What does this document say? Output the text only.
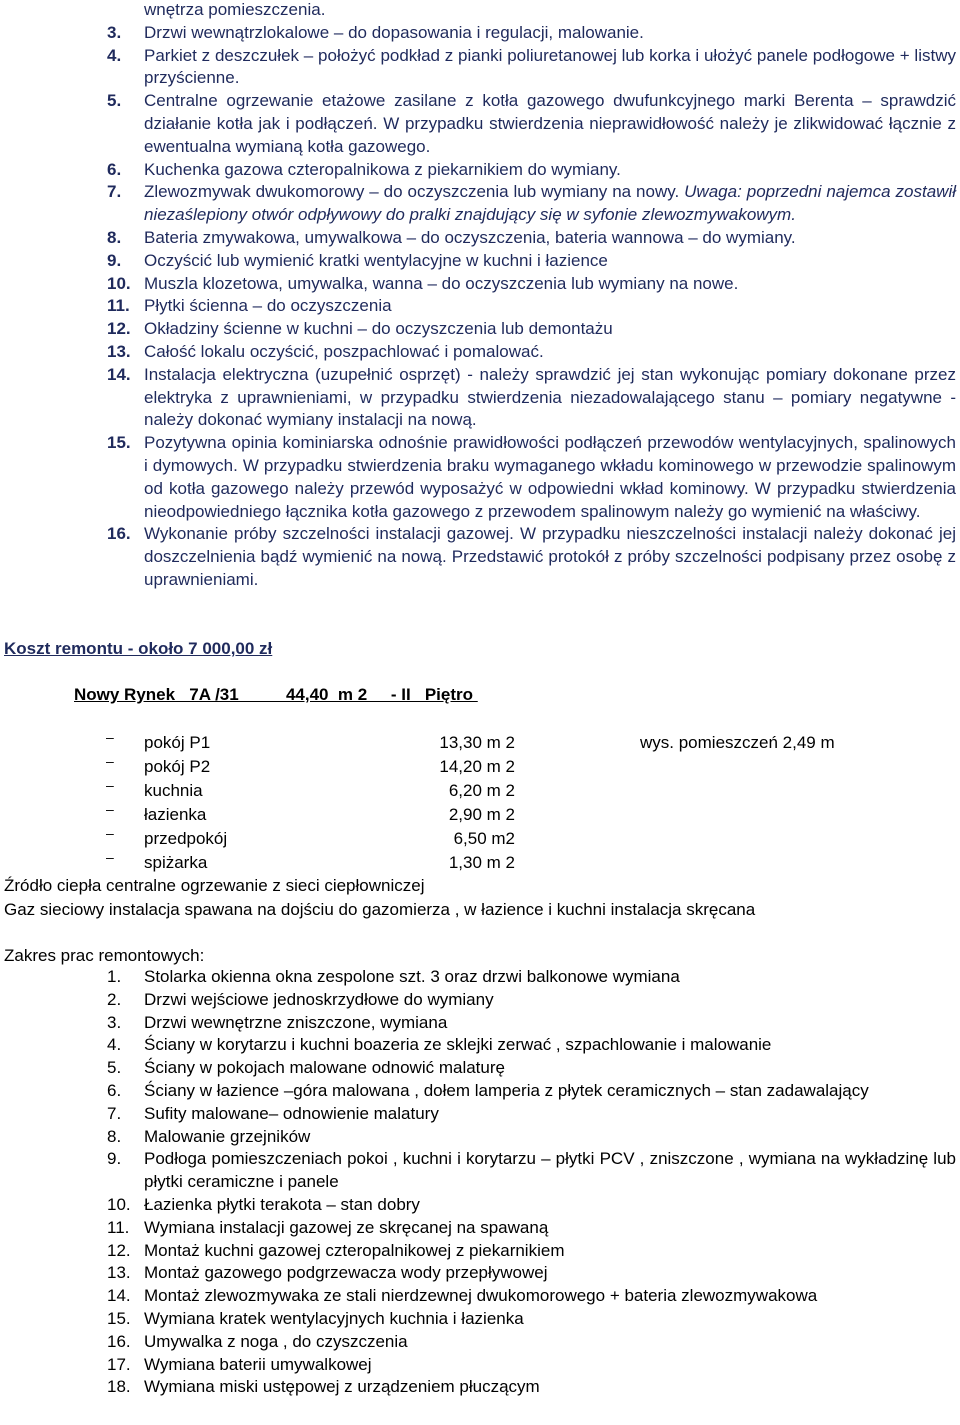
wnętrza pomieszczenia.
3.	Drzwi wewnątrzlokalowe – do dopasowania i regulacji, malowanie.
4.	Parkiet z deszczułek – położyć podkład z pianki poliuretanowej lub korka i ułożyć panele podłogowe + listwy przyścienne.
5.	Centralne ogrzewanie etażowe zasilane z kotła gazowego dwufunkcyjnego marki Berenta – sprawdzić działanie kotła jak i podłączeń. W przypadku stwierdzenia nieprawidłowość należy je zlikwidować łącznie z ewentualna wymianą kotła gazowego.
6.	Kuchenka gazowa czteropalnikowa z piekarnikiem do wymiany.
7.	Zlewozmywak dwukomorowy – do oczyszczenia lub wymiany na nowy. Uwaga: poprzedni najemca zostawił niezaślepiony otwór odpływowy do pralki znajdujący się w syfonie zlewozmywakowym.
8.	Bateria zmywakowa, umywalkowa – do oczyszczenia, bateria wannowa – do wymiany.
9.	Oczyścić lub wymienić kratki wentylacyjne w kuchni i łazience
10. Muszla klozetowa, umywalka, wanna – do oczyszczenia lub wymiany na nowe.
11. Płytki ścienna – do oczyszczenia
12. Okładziny ścienne w kuchni – do oczyszczenia lub demontażu
13. Całość lokalu oczyścić, poszpachlować i pomalować.
14. Instalacja elektryczna (uzupełnić osprzęt) - należy sprawdzić jej stan wykonując pomiary dokonane przez elektryka z uprawnieniami, w przypadku stwierdzenia niezadowalającego stanu – pomiary negatywne - należy dokonać wymiany instalacji na nową.
15. Pozytywna opinia kominiarska odnośnie prawidłowości podłączeń przewodów wentylacyjnych, spalinowych i dymowych. W przypadku stwierdzenia braku wymaganego wkładu kominowego w przewodzie spalinowym od kotła gazowego należy przewód wyposażyć w odpowiedni wkład kominowy. W przypadku stwierdzenia nieodpowiedniego łącznika kotła gazowego z przewodem spalinowym należy go wymienić na właściwy.
16. Wykonanie próby szczelności instalacji gazowej. W przypadku nieszczelności instalacji należy dokonać jej doszczelnienia bądź wymienić na nową. Przedstawić protokół z próby szczelności podpisany przez osobę z uprawnieniami.
Koszt remontu - około 7 000,00 zł
Nowy Rynek   7A /31          44,40  m 2     - II   Piętro
– pokój P1	13,30 m 2	wys. pomieszczeń 2,49 m
– pokój P2	14,20 m 2
– kuchnia	6,20 m 2
– łazienka	2,90 m 2
– przedpokój	6,50 m2
– spiżarka	1,30 m 2
Źródło ciepła centralne ogrzewanie z sieci ciepłowniczej
Gaz sieciowy instalacja spawana na dojściu do gazomierza , w łazience i kuchni instalacja skręcana
Zakres prac remontowych:
1.	Stolarka okienna okna zespolone szt. 3 oraz drzwi balkonowe wymiana
2.	Drzwi wejściowe jednoskrzydłowe do wymiany
3.	Drzwi wewnętrzne zniszczone, wymiana
4.	Ściany w korytarzu i kuchni boazeria ze sklejki zerwać , szpachlowanie i malowanie
5.	Ściany w pokojach malowane odnowić malaturę
6.	Ściany w łazience –góra malowana , dołem lamperia z płytek ceramicznych – stan zadawalający
7.	Sufity malowane– odnowienie malatury
8.	Malowanie grzejników
9.	Podłoga pomieszczeniach pokoi , kuchni i korytarzu – płytki PCV , zniszczone , wymiana na wykładzinę lub płytki ceramiczne i panele
10. Łazienka płytki terakota – stan dobry
11. Wymiana instalacji gazowej ze skręcanej na spawaną
12. Montaż kuchni gazowej czteropalnikowej z piekarnikiem
13. Montaż gazowego podgrzewacza wody przepływowej
14. Montaż zlewozmywaka ze stali nierdzewnej dwukomorowego + bateria zlewozmywakowa
15. Wymiana kratek wentylacyjnych kuchnia i łazienka
16. Umywalka z noga , do czyszczenia
17. Wymiana baterii umywalkowej
18. Wymiana miski ustępowej z urządzeniem płuczącym
